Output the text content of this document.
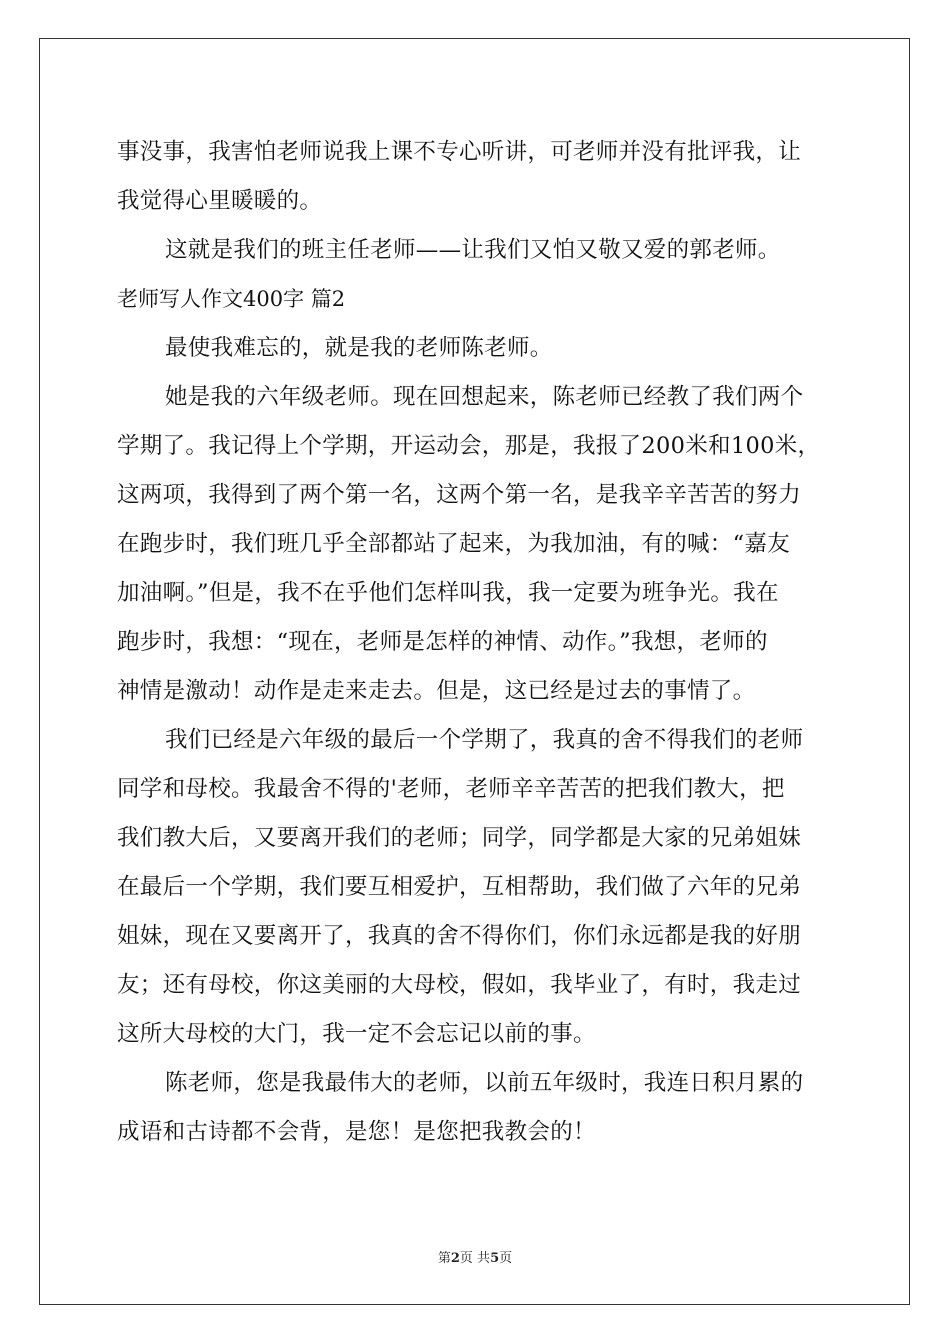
事没事，我害怕老师说我上课不专心听讲，可老师并没有批评我，让
我觉得心里暖暖的。
这就是我们的班主任老师——让我们又怕又敬又爱的郭老师。
老师写人作文400字 篇2
最使我难忘的，就是我的老师陈老师。
她是我的六年级老师。现在回想起来，陈老师已经教了我们两个
学期了。我记得上个学期，开运动会，那是，我报了200米和100米，
这两项，我得到了两个第一名，这两个第一名，是我辛辛苦苦的努力
在跑步时，我们班几乎全部都站了起来，为我加油，有的喊：“嘉友
加油啊。”但是，我不在乎他们怎样叫我，我一定要为班争光。我在
跑步时，我想：“现在，老师是怎样的神情、动作。”我想，老师的
神情是激动！动作是走来走去。但是，这已经是过去的事情了。
我们已经是六年级的最后一个学期了，我真的舍不得我们的老师
同学和母校。我最舍不得的'老师，老师辛辛苦苦的把我们教大，把
我们教大后，又要离开我们的老师；同学，同学都是大家的兄弟姐妹
在最后一个学期，我们要互相爱护，互相帮助，我们做了六年的兄弟
姐妹，现在又要离开了，我真的舍不得你们，你们永远都是我的好朋
友；还有母校，你这美丽的大母校，假如，我毕业了，有时，我走过
这所大母校的大门，我一定不会忘记以前的事。
陈老师，您是我最伟大的老师，以前五年级时，我连日积月累的
成语和古诗都不会背，是您！是您把我教会的！
第2页 共5页
